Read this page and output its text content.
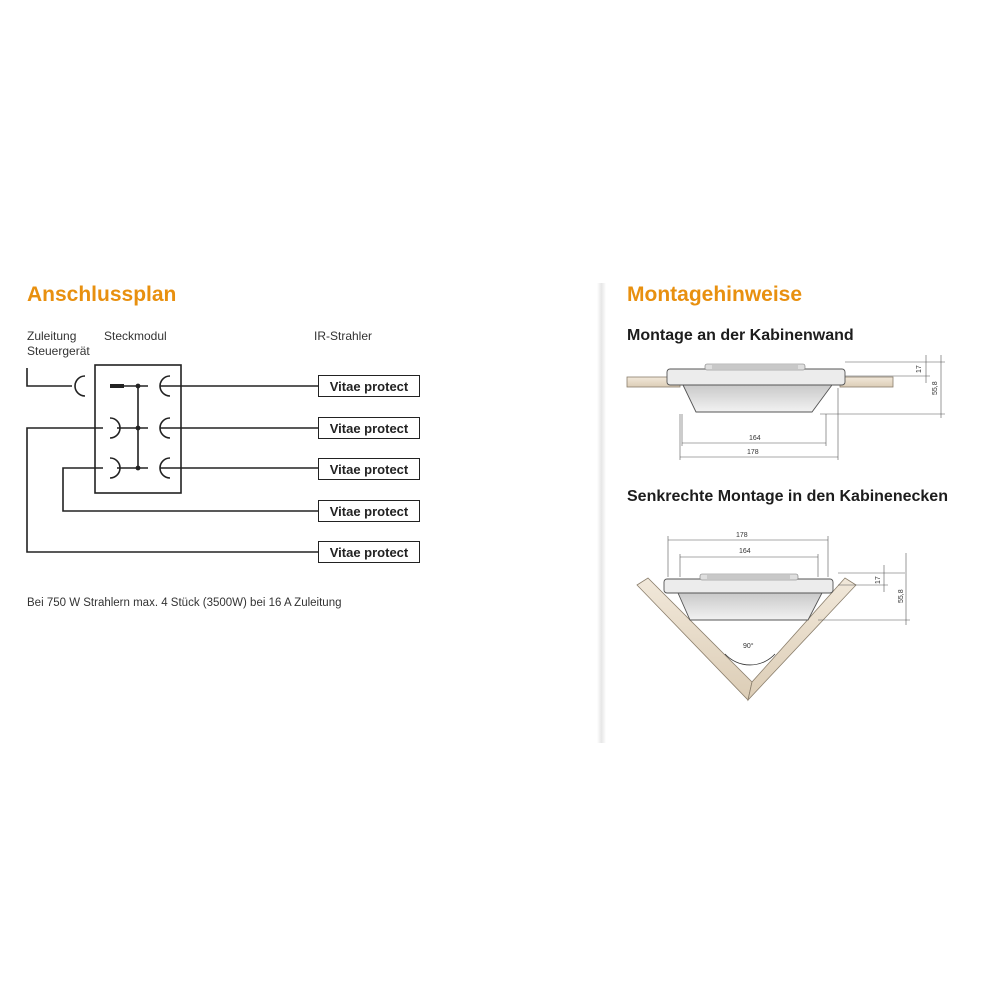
Anschlussplan
Zuleitung
Steuergerät
Steckmodul	IR-Strahler
Vitae protect
Vitae protect
Vitae protect
Vitae protect
Vitae protect
Bei 750 W Strahlern max. 4 Stück (3500W) bei 16 A Zuleitung
Montagehinweise
Montage an der Kabinenwand
Senkrechte Montage in den Kabinenecken
164
178
17
55,8
90°
178
164
17
55,8
